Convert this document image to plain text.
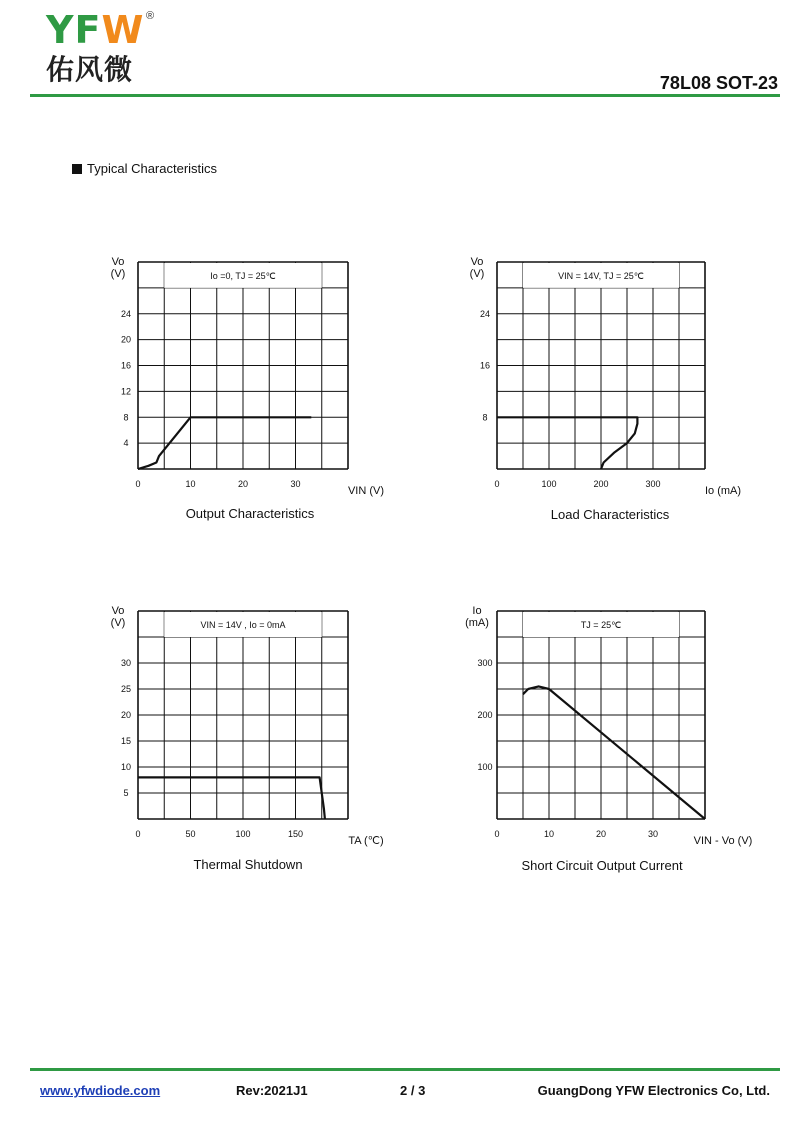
YFW ®
佑风微	78L08 SOT-23
Typical Characteristics
Io =0, TJ = 25℃
Vo
(V)
4
8
12
16
20
24
0	10	20	30
VIN (V)
VIN = 14V, TJ = 25℃
Vo
(V)
8
16
24
0	100	200	300
Io (mA)
VIN = 14V , Io = 0mA
Vo
(V)
5
10
15
20
25
30
0	50	100	150
TA (℃)
TJ = 25℃
Io
(mA)
100
200
300
0	10	20	30
VIN - Vo (V)
Output Characteristics	Load Characteristics
Thermal Shutdown	Short Circuit Output Current
www.yfwdiode.com	Rev:2021J1	2 / 3	GuangDong YFW Electronics Co, Ltd.
